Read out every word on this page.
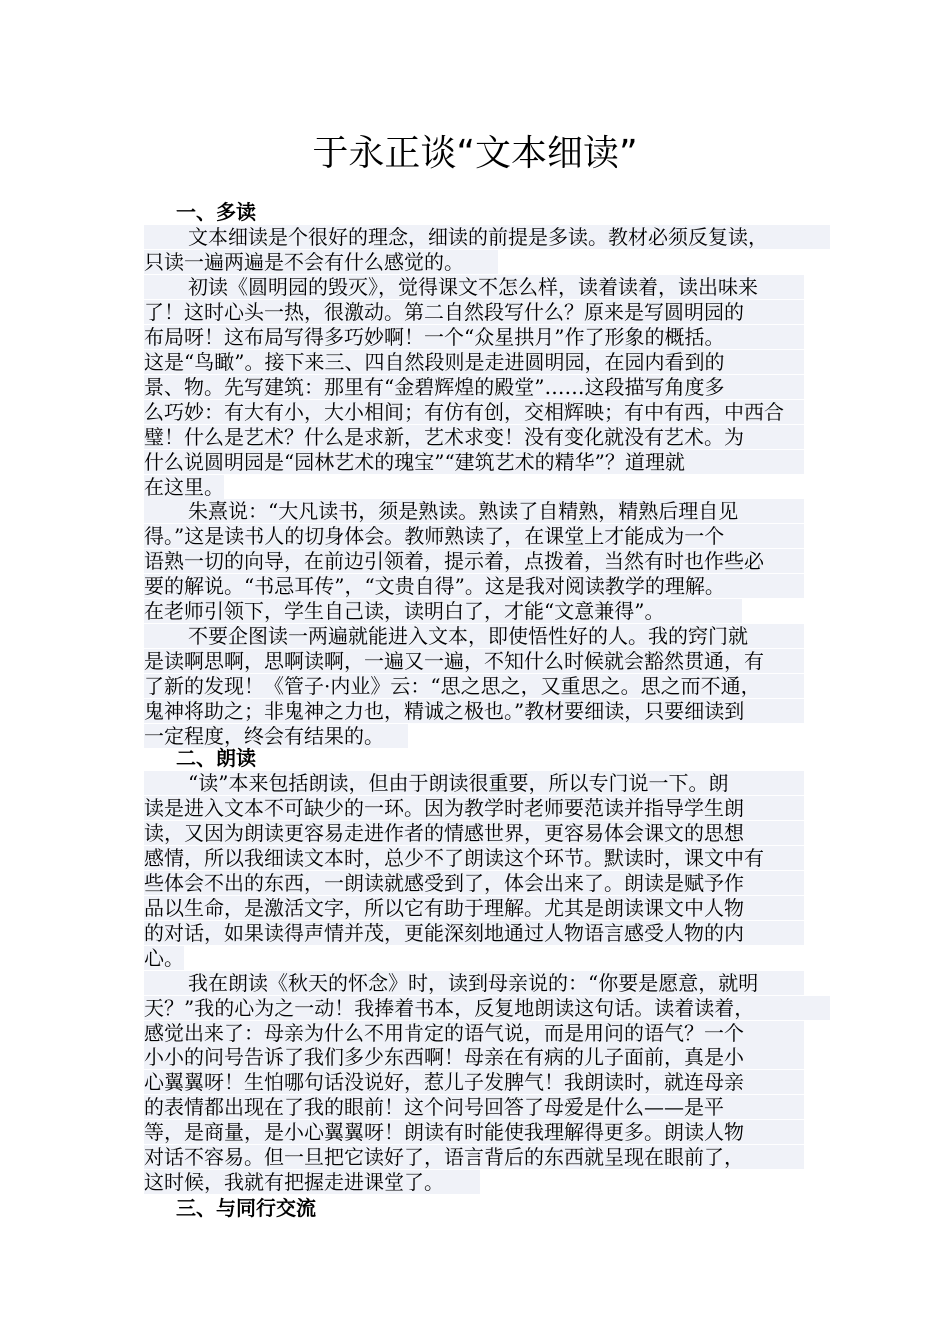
于永正谈“文本细读”
一、多读
文本细读是个很好的理念，细读的前提是多读。教材必须反复读，
只读一遍两遍是不会有什么感觉的。
初读《圆明园的毁灭》，觉得课文不怎么样，读着读着，读出味来
了！这时心头一热，很激动。第二自然段写什么？原来是写圆明园的
布局呀！这布局写得多巧妙啊！一个“众星拱月”作了形象的概括。
这是“鸟瞰”。接下来三、四自然段则是走进圆明园，在园内看到的
景、物。先写建筑：那里有“金碧辉煌的殿堂”……这段描写角度多
么巧妙：有大有小，大小相间；有仿有创，交相辉映；有中有西，中西合
璧！什么是艺术？什么是求新，艺术求变！没有变化就没有艺术。为
什么说圆明园是“园林艺术的瑰宝”“建筑艺术的精华”？道理就
在这里。
朱熹说：“大凡读书，须是熟读。熟读了自精熟，精熟后理自见
得。”这是读书人的切身体会。教师熟读了，在课堂上才能成为一个
语熟一切的向导，在前边引领着，提示着，点拨着，当然有时也作些必
要的解说。“书忌耳传”，“文贵自得”。这是我对阅读教学的理解。
在老师引领下，学生自己读，读明白了，才能“文意兼得”。
不要企图读一两遍就能进入文本，即使悟性好的人。我的窍门就
是读啊思啊，思啊读啊，一遍又一遍，不知什么时候就会豁然贯通，有
了新的发现！《管子·内业》云：“思之思之，又重思之。思之而不通，
鬼神将助之；非鬼神之力也，精诚之极也。”教材要细读，只要细读到
一定程度，终会有结果的。
二、朗读
“读”本来包括朗读，但由于朗读很重要，所以专门说一下。朗
读是进入文本不可缺少的一环。因为教学时老师要范读并指导学生朗
读，又因为朗读更容易走进作者的情感世界，更容易体会课文的思想
感情，所以我细读文本时，总少不了朗读这个环节。默读时，课文中有
些体会不出的东西，一朗读就感受到了，体会出来了。朗读是赋予作
品以生命，是激活文字，所以它有助于理解。尤其是朗读课文中人物
的对话，如果读得声情并茂，更能深刻地通过人物语言感受人物的内
心。
我在朗读《秋天的怀念》时，读到母亲说的：“你要是愿意，就明
天？”我的心为之一动！我捧着书本，反复地朗读这句话。读着读着，
感觉出来了：母亲为什么不用肯定的语气说，而是用问的语气？一个
小小的问号告诉了我们多少东西啊！母亲在有病的儿子面前，真是小
心翼翼呀！生怕哪句话没说好，惹儿子发脾气！我朗读时，就连母亲
的表情都出现在了我的眼前！这个问号回答了母爱是什么——是平
等，是商量，是小心翼翼呀！朗读有时能使我理解得更多。朗读人物
对话不容易。但一旦把它读好了，语言背后的东西就呈现在眼前了，
这时候，我就有把握走进课堂了。
三、与同行交流
